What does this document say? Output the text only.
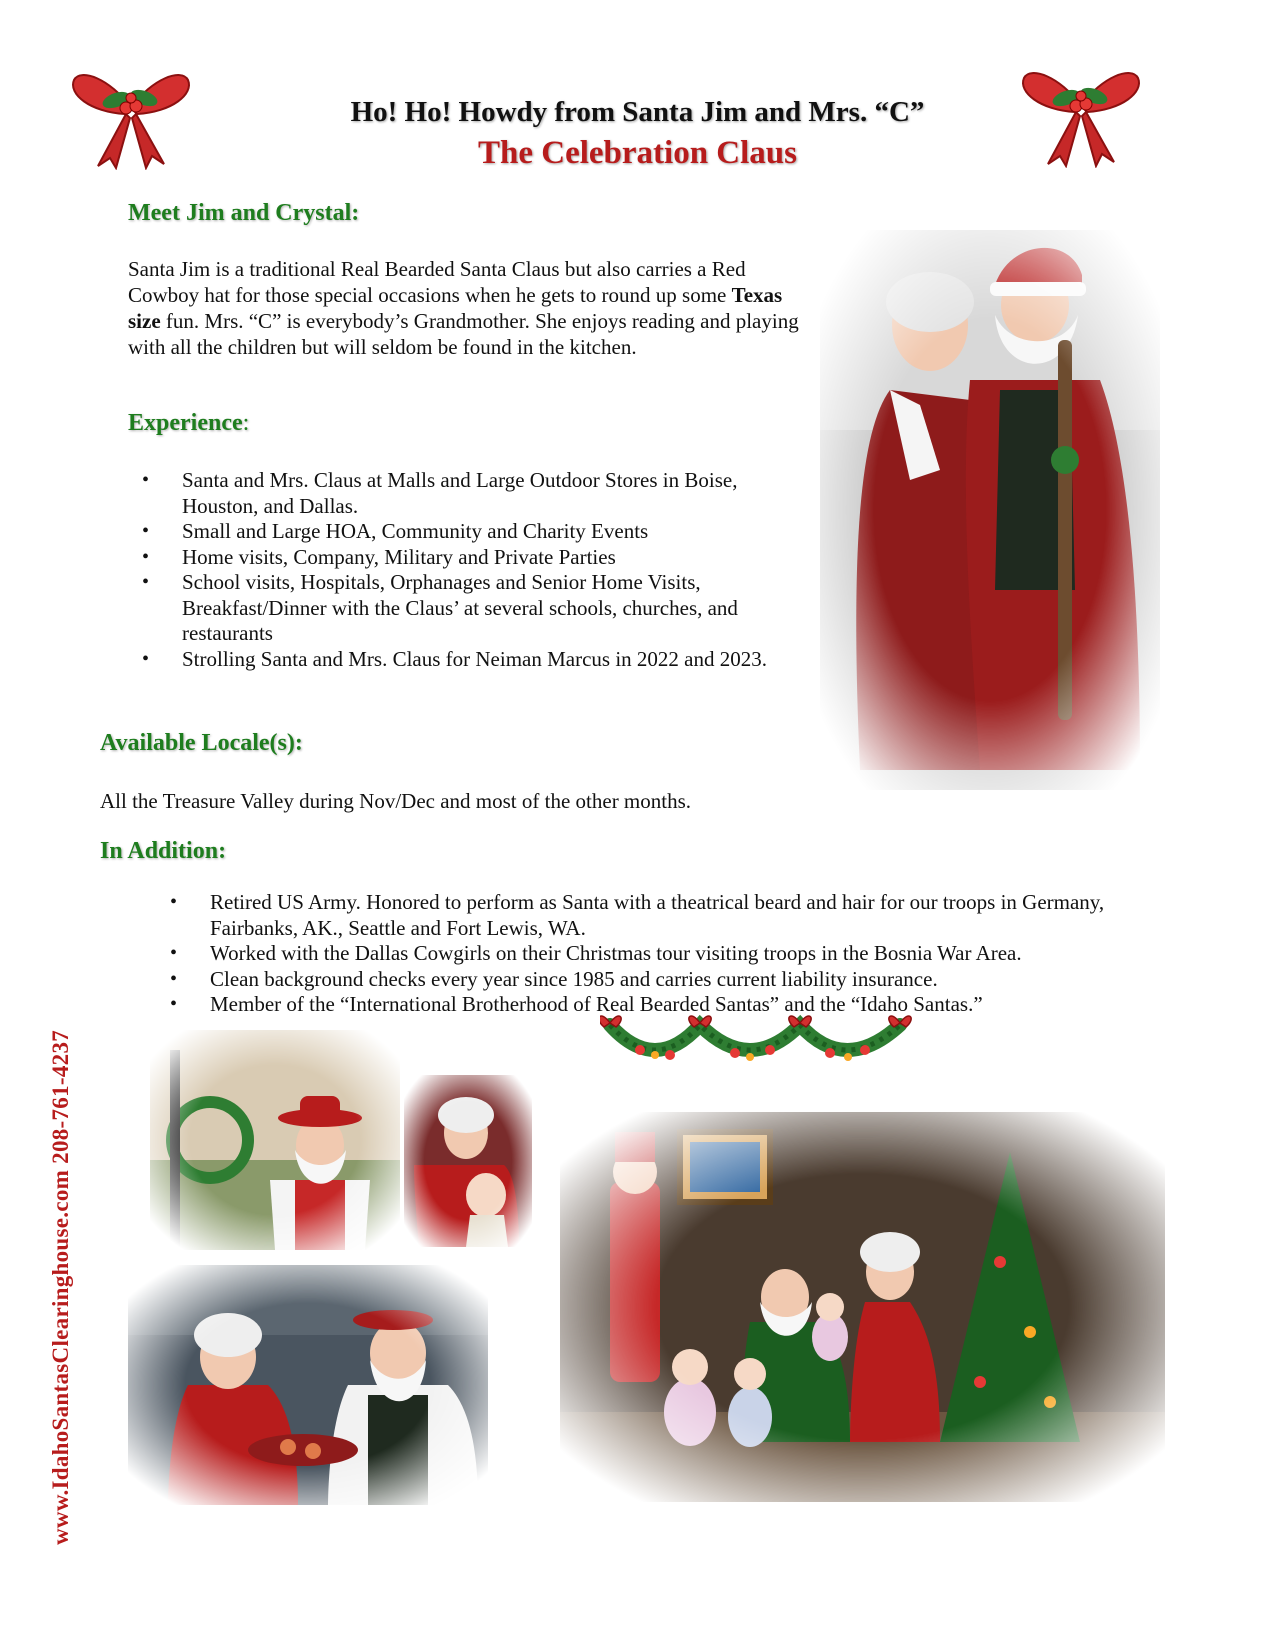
Ho! Ho! Howdy from Santa Jim and Mrs. “C”
The Celebration Claus
Meet Jim and Crystal:
Santa Jim is a traditional Real Bearded Santa Claus but also carries a Red Cowboy hat for those special occasions when he gets to round up some Texas size fun. Mrs. “C” is everybody’s Grandmother. She enjoys reading and playing with all the children but will seldom be found in the kitchen.
Experience:
• Santa and Mrs. Claus at Malls and Large Outdoor Stores in Boise, Houston, and Dallas.
• Small and Large HOA, Community and Charity Events
• Home visits, Company, Military and Private Parties
• School visits, Hospitals, Orphanages and Senior Home Visits, Breakfast/Dinner with the Claus’ at several schools, churches, and restaurants
• Strolling Santa and Mrs. Claus for Neiman Marcus in 2022 and 2023.
Available Locale(s):
All the Treasure Valley during Nov/Dec and most of the other months.
In Addition:
• Retired US Army. Honored to perform as Santa with a theatrical beard and hair for our troops in Germany, Fairbanks, AK., Seattle and Fort Lewis, WA.
• Worked with the Dallas Cowgirls on their Christmas tour visiting troops in the Bosnia War Area.
• Clean background checks every year since 1985 and carries current liability insurance.
• Member of the “International Brotherhood of Real Bearded Santas” and the “Idaho Santas.”
www.IdahoSantasClearinghouse.com 208-761-4237
